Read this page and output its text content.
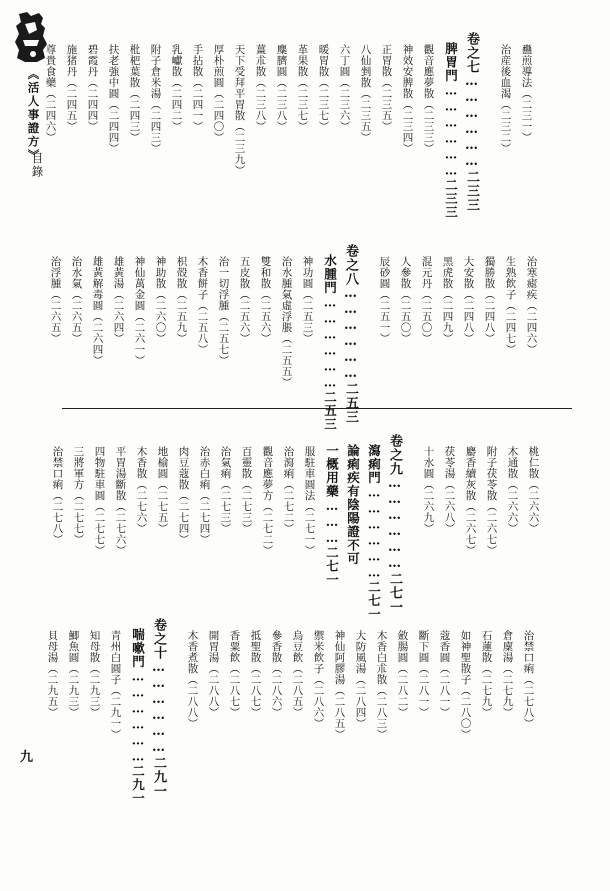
《活人事證方》
目錄
九
蠱煎導法（二三一）
治産後血渴（二三二）
卷之七………………二三三
脾胃門………………二三三
觀音應夢散（二三三）
神效安脾散（二三四）
正胃散（二三五）
八仙剉散（二三五）
六丁圓（二三六）
暖胃散（二三七）
革果散（二三七）
麋臍圓（二三八）
薑朮散（二三八）
天下受拜平胃散（二三九）
厚朴煎圓（二四〇）
手拈散（二四一）
乳巘散（二四二）
附子倉米湯（二四三）
枇杷葉散（二四三）
扶老強中圓（二四四）
碧霞丹（二四四）
施猪丹（二四五）
尊貴食藥（二四六）
治寒瘧疾（二四六）
生熟飲子（二四七）
獨勝散（二四八）
大安散（二四八）
黑虎散（二四九）
混元丹（二五〇）
人參散（二五〇）
辰砂圓（二五一）
卷之八………………二五三
水腫門………………二五三
神功圓（二五三）
治水腫氣虛浮脹（二五五）
雙和散（二五六）
五皮散（二五六）
治一切浮腫（二五七）
木香餅子（二五八）
枳殻散（二五九）
神助散（二六〇）
神仙萬金圓（二六一）
雄黃湯（二六四）
雄黃解毒圓（二六四）
治水氣（二六五）
治浮腫（二六五）
桃仁散（二六六）
木通散（二六六）
附子茯苓散（二六七）
麝香續灰散（二六七）
茯苓湯（二六八）
十水圓（二六九）
卷之九………………二七一
瀉痢門………………二七一
論痢疾有陰陽證不可
一概用藥………二七一
服駐車圓法（二七一）
治瀉痢（二七二）
觀音應夢方（二七二）
百靈散（二七三）
治氣痢（二七三）
治赤白痢（二七四）
肉豆蔻散（二七四）
地榆圓（二七五）
木香散（二七六）
平胃湯斷散（二七六）
四物駐車圓（二七七）
三將軍方（二七七）
治禁口痢（二七八）
治禁口痢（二七八）
倉廩湯（二七九）
石蓮散（二七九）
如神聖散子（二八〇）
蔻香圓（二八一）
斷下圓（二八一）
斂腸圓（二八二）
木香白朮散（二八三）
大防風湯（二八四）
神仙阿膠湯（二八五）
禦米飲子（二八六）
烏豆飲（二八五）
參香散（二八六）
抵聖散（二八七）
香粟飲（二八七）
開胃湯（二八八）
木香煮散（二八八）
卷之十………………二九一
喘嗽門………………二九一
青州白圓子（二九一）
知母散（二九三）
鯽魚圓（二九三）
貝母湯（二九五）
